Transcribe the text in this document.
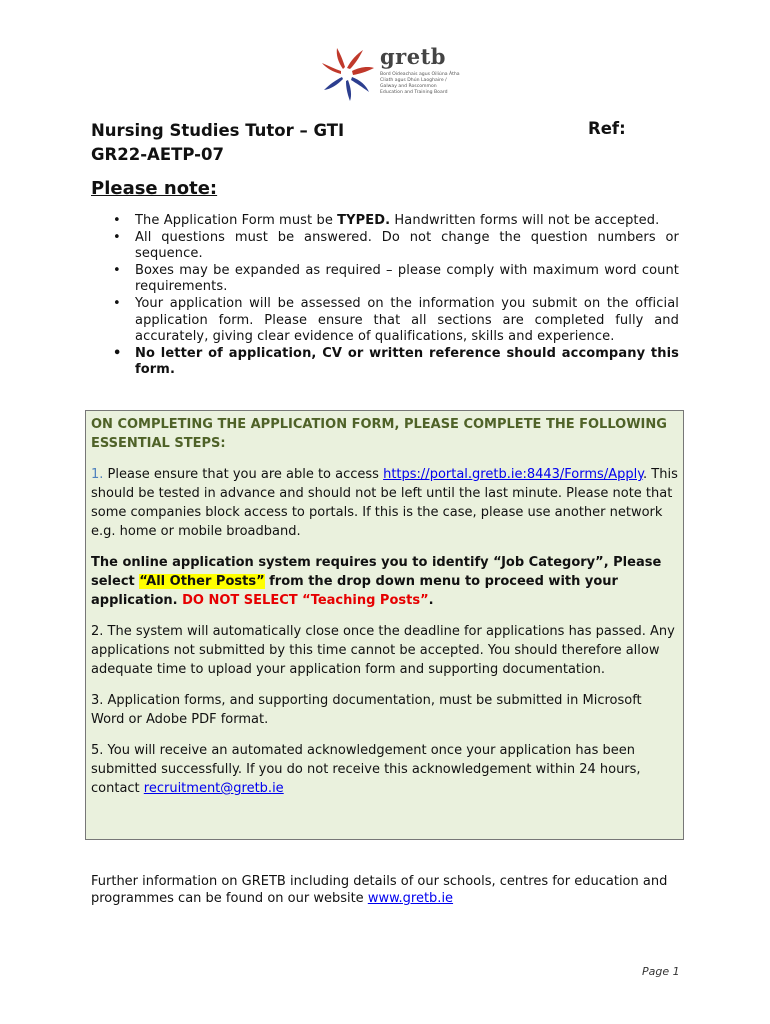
gretb
Bord Oideachais agus Oiliúna Átha Cliath agus Dhún Laoghaire / Galway and Roscommon Education and Training Board
Nursing Studies Tutor – GTI
GR22-AETP-07
Ref:
Please note:
• The Application Form must be TYPED. Handwritten forms will not be accepted.
• All questions must be answered. Do not change the question numbers or sequence.
• Boxes may be expanded as required – please comply with maximum word count requirements.
• Your application will be assessed on the information you submit on the official application form. Please ensure that all sections are completed fully and accurately, giving clear evidence of qualifications, skills and experience.
• No letter of application, CV or written reference should accompany this form.

ON COMPLETING THE APPLICATION FORM, PLEASE COMPLETE THE FOLLOWING ESSENTIAL STEPS:

1. Please ensure that you are able to access https://portal.gretb.ie:8443/Forms/Apply. This should be tested in advance and should not be left until the last minute. Please note that some companies block access to portals. If this is the case, please use another network e.g. home or mobile broadband.

The online application system requires you to identify “Job Category”, Please select “All Other Posts” from the drop down menu to proceed with your application. DO NOT SELECT “Teaching Posts”.

2. The system will automatically close once the deadline for applications has passed. Any applications not submitted by this time cannot be accepted. You should therefore allow adequate time to upload your application form and supporting documentation.

3. Application forms, and supporting documentation, must be submitted in Microsoft Word or Adobe PDF format.

5. You will receive an automated acknowledgement once your application has been submitted successfully. If you do not receive this acknowledgement within 24 hours, contact recruitment@gretb.ie

Further information on GRETB including details of our schools, centres for education and programmes can be found on our website www.gretb.ie
Page 1
